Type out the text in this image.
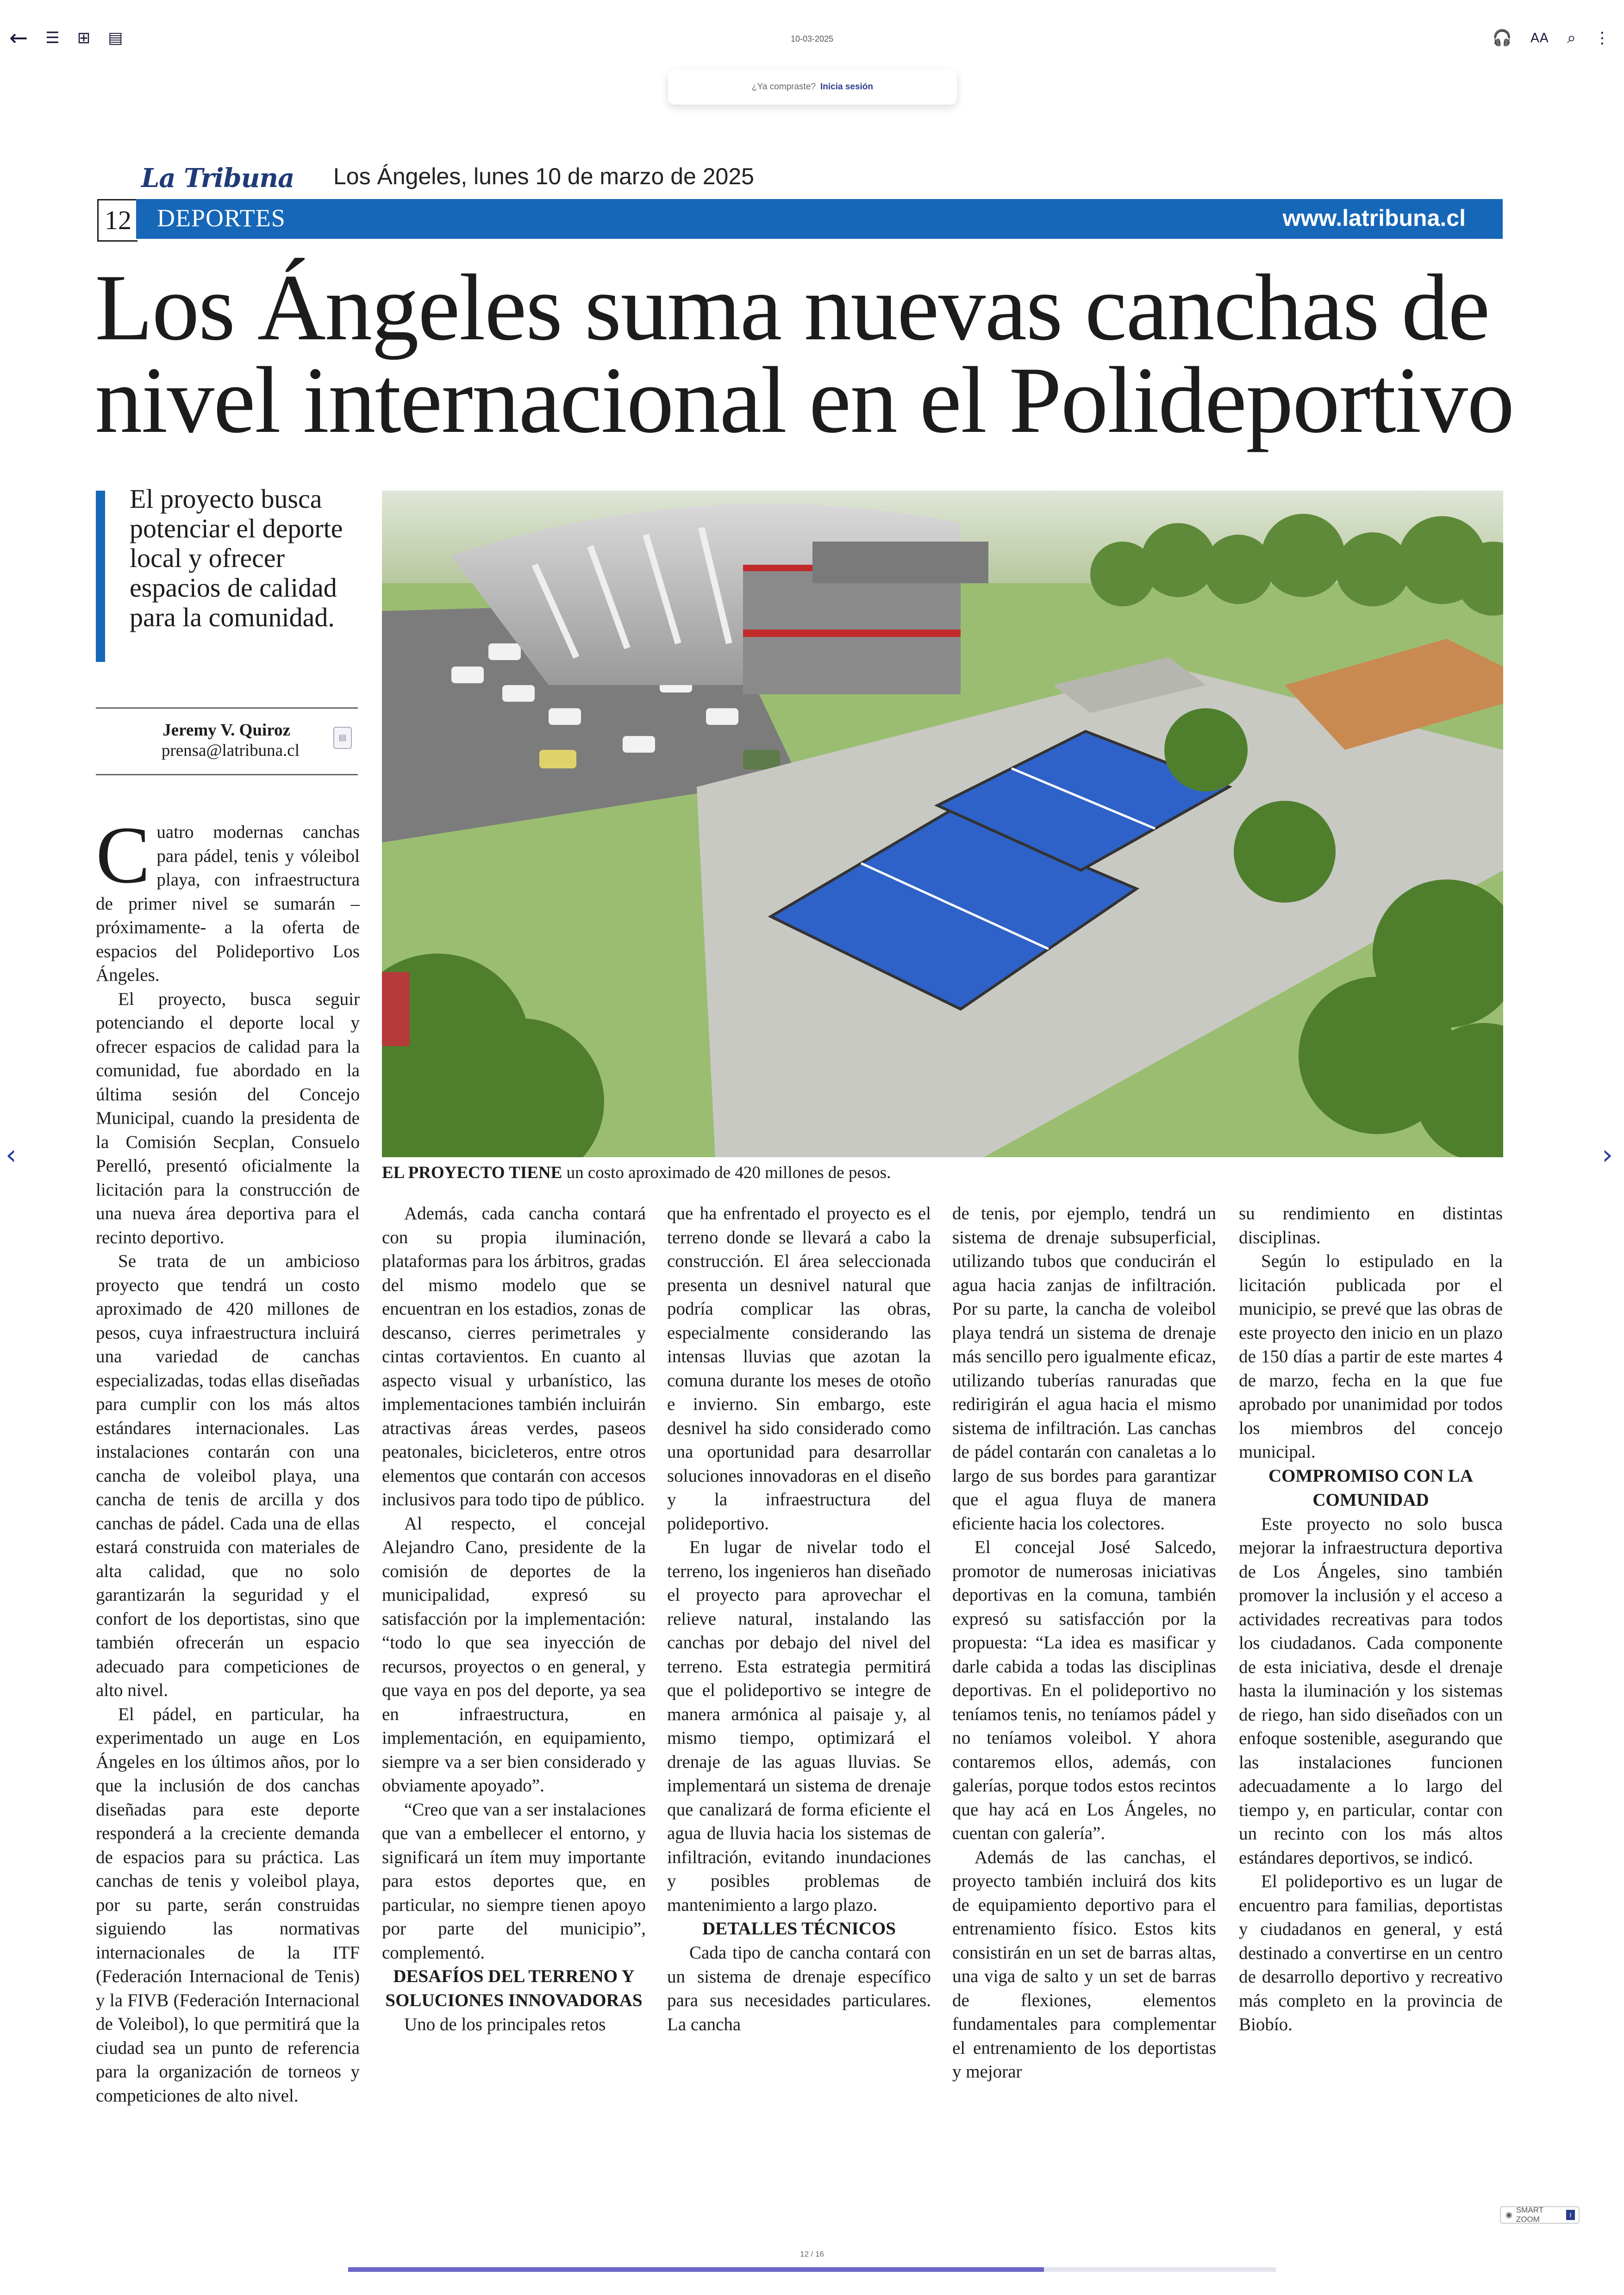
← ☰ ⊞ ▤	10-03-2025	🎧 AA ⌕ ⋮
¿Ya compraste? Inicia sesión
La Tribuna Los Ángeles, lunes 10 de marzo de 2025
12 DEPORTES	www.latribuna.cl
Los Ángeles suma nuevas canchas de nivel internacional en el Polideportivo
El proyecto busca potenciar el deporte local y ofrecer espacios de calidad para la comunidad.
Jeremy V. Quiroz
prensa@latribuna.cl
▤
EL PROYECTO TIENE un costo aproximado de 420 millones de pesos.

Cuatro modernas canchas para pádel, tenis y vóleibol playa, con infraestructura de primer nivel se sumarán –próximamente- a la oferta de espacios del Polideportivo Los Ángeles.

El proyecto, busca seguir potenciando el deporte local y ofrecer espacios de calidad para la comunidad, fue abordado en la última sesión del Concejo Municipal, cuando la presidenta de la Comisión Secplan, Consuelo Perelló, presentó oficialmente la licitación para la construcción de una nueva área deportiva para el recinto deportivo.

Se trata de un ambicioso proyecto que tendrá un costo aproximado de 420 millones de pesos, cuya infraestructura incluirá una variedad de canchas especializadas, todas ellas diseñadas para cumplir con los más altos estándares internacionales. Las instalaciones contarán con una cancha de voleibol playa, una cancha de tenis de arcilla y dos canchas de pádel. Cada una de ellas estará construida con materiales de alta calidad, que no solo garantizarán la seguridad y el confort de los deportistas, sino que también ofrecerán un espacio adecuado para competiciones de alto nivel.

El pádel, en particular, ha experimentado un auge en Los Ángeles en los últimos años, por lo que la inclusión de dos canchas diseñadas para este deporte responderá a la creciente demanda de espacios para su práctica. Las canchas de tenis y voleibol playa, por su parte, serán construidas siguiendo las normativas internacionales de la ITF (Federación Internacional de Tenis) y la FIVB (Federación Internacional de Voleibol), lo que permitirá que la ciudad sea un punto de referencia para la organización de torneos y competiciones de alto nivel.

Además, cada cancha contará con su propia iluminación, plataformas para los árbitros, gradas del mismo modelo que se encuentran en los estadios, zonas de descanso, cierres perimetrales y cintas cortavientos. En cuanto al aspecto visual y urbanístico, las implementaciones también incluirán atractivas áreas verdes, paseos peatonales, bicicleteros, entre otros elementos que contarán con accesos inclusivos para todo tipo de público.

Al respecto, el concejal Alejandro Cano, presidente de la comisión de deportes de la municipalidad, expresó su satisfacción por la implementación: “todo lo que sea inyección de recursos, proyectos o en general, y que vaya en pos del deporte, ya sea en infraestructura, en implementación, en equipamiento, siempre va a ser bien considerado y obviamente apoyado”.

“Creo que van a ser instalaciones que van a embellecer el entorno, y significará un ítem muy importante para estos deportes que, en particular, no siempre tienen apoyo por parte del municipio”, complementó.

DESAFÍOS DEL TERRENO Y SOLUCIONES INNOVADORAS

Uno de los principales retos

que ha enfrentado el proyecto es el terreno donde se llevará a cabo la construcción. El área seleccionada presenta un desnivel natural que podría complicar las obras, especialmente considerando las intensas lluvias que azotan la comuna durante los meses de otoño e invierno. Sin embargo, este desnivel ha sido considerado como una oportunidad para desarrollar soluciones innovadoras en el diseño y la infraestructura del polideportivo.

En lugar de nivelar todo el terreno, los ingenieros han diseñado el proyecto para aprovechar el relieve natural, instalando las canchas por debajo del nivel del terreno. Esta estrategia permitirá que el polideportivo se integre de manera armónica al paisaje y, al mismo tiempo, optimizará el drenaje de las aguas lluvias. Se implementará un sistema de drenaje que canalizará de forma eficiente el agua de lluvia hacia los sistemas de infiltración, evitando inundaciones y posibles problemas de mantenimiento a largo plazo.

DETALLES TÉCNICOS

Cada tipo de cancha contará con un sistema de drenaje específico para sus necesidades particulares. La cancha

de tenis, por ejemplo, tendrá un sistema de drenaje subsuperficial, utilizando tubos que conducirán el agua hacia zanjas de infiltración. Por su parte, la cancha de voleibol playa tendrá un sistema de drenaje más sencillo pero igualmente eficaz, utilizando tuberías ranuradas que redirigirán el agua hacia el mismo sistema de infiltración. Las canchas de pádel contarán con canaletas a lo largo de sus bordes para garantizar que el agua fluya de manera eficiente hacia los colectores.

El concejal José Salcedo, promotor de numerosas iniciativas deportivas en la comuna, también expresó su satisfacción por la propuesta: “La idea es masificar y darle cabida a todas las disciplinas deportivas. En el polideportivo no teníamos tenis, no teníamos pádel y no teníamos voleibol. Y ahora contaremos ellos, además, con galerías, porque todos estos recintos que hay acá en Los Ángeles, no cuentan con galería”.

Además de las canchas, el proyecto también incluirá dos kits de equipamiento deportivo para el entrenamiento físico. Estos kits consistirán en un set de barras altas, una viga de salto y un set de barras de flexiones, elementos fundamentales para complementar el entrenamiento de los deportistas y mejorar

su rendimiento en distintas disciplinas.

Según lo estipulado en la licitación publicada por el municipio, se prevé que las obras de este proyecto den inicio en un plazo de 150 días a partir de este martes 4 de marzo, fecha en la que fue aprobado por unanimidad por todos los miembros del concejo municipal.

COMPROMISO CON LA COMUNIDAD

Este proyecto no solo busca mejorar la infraestructura deportiva de Los Ángeles, sino también promover la inclusión y el acceso a actividades recreativas para todos los ciudadanos. Cada componente de esta iniciativa, desde el drenaje hasta la iluminación y los sistemas de riego, han sido diseñados con un enfoque sostenible, asegurando que las instalaciones funcionen adecuadamente a lo largo del tiempo y, en particular, contar con un recinto con los más altos estándares deportivos, se indicó.

El polideportivo es un lugar de encuentro para familias, deportistas y ciudadanos en general, y está destinado a convertirse en un centro de desarrollo deportivo y recreativo más completo en la provincia de Biobío.

‹	›
◉
SMART ZOOM	I
12 / 16
